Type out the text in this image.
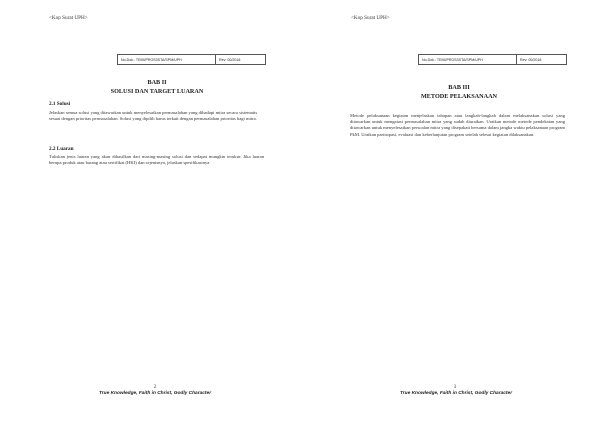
<Kop Surat UPH>
No.Dok.: TEMI/PROS3STA/SPM/UPH	Rev: 00/2018
BAB II
SOLUSI DAN TARGET LUARAN
2.1 Solusi
Jelaskan semua solusi yang ditawarkan untuk menyelesaikan permasalahan yang dihadapi mitra secara sistematis sesuai dengan prioritas permasalahan. Solusi yang dipilih harus terkait dengan permasalahan prioritas bagi mitra.
2.2 Luaran
Tuliskan jenis luaran yang akan dihasilkan dari masing-masing solusi dan sedapat mungkin terukur. Jika luaran berupa produk atau barang atau sertifikat (HKI) dan sejenisnya, jelaskan spesifikasinya.
2
True Knowledge, Faith in Christ, Godly Character
<Kop Surat UPH>
No.Dok.: TEMI/PROS3STA/SPM/UPH	Rev: 00/2018
BAB III
METODE PELAKSANAAN
Metode pelaksanaan kegiatan menjelaskan tahapan atau langkah-langkah dalam melaksanakan solusi yang ditawarkan untuk mengatasi permasalahan mitra yang sudah diuraikan. Uraikan metode metode pendekatan yang ditawarkan untuk menyelesaikan persoalan mitra yang disepakati bersama dalam jangka waktu pelaksanaan program PkM. Uraikan partisipasi, evaluasi dan keberlanjutan program setelah selesai kegiatan dilaksanakan.
3
True Knowledge, Faith in Christ, Godly Character
